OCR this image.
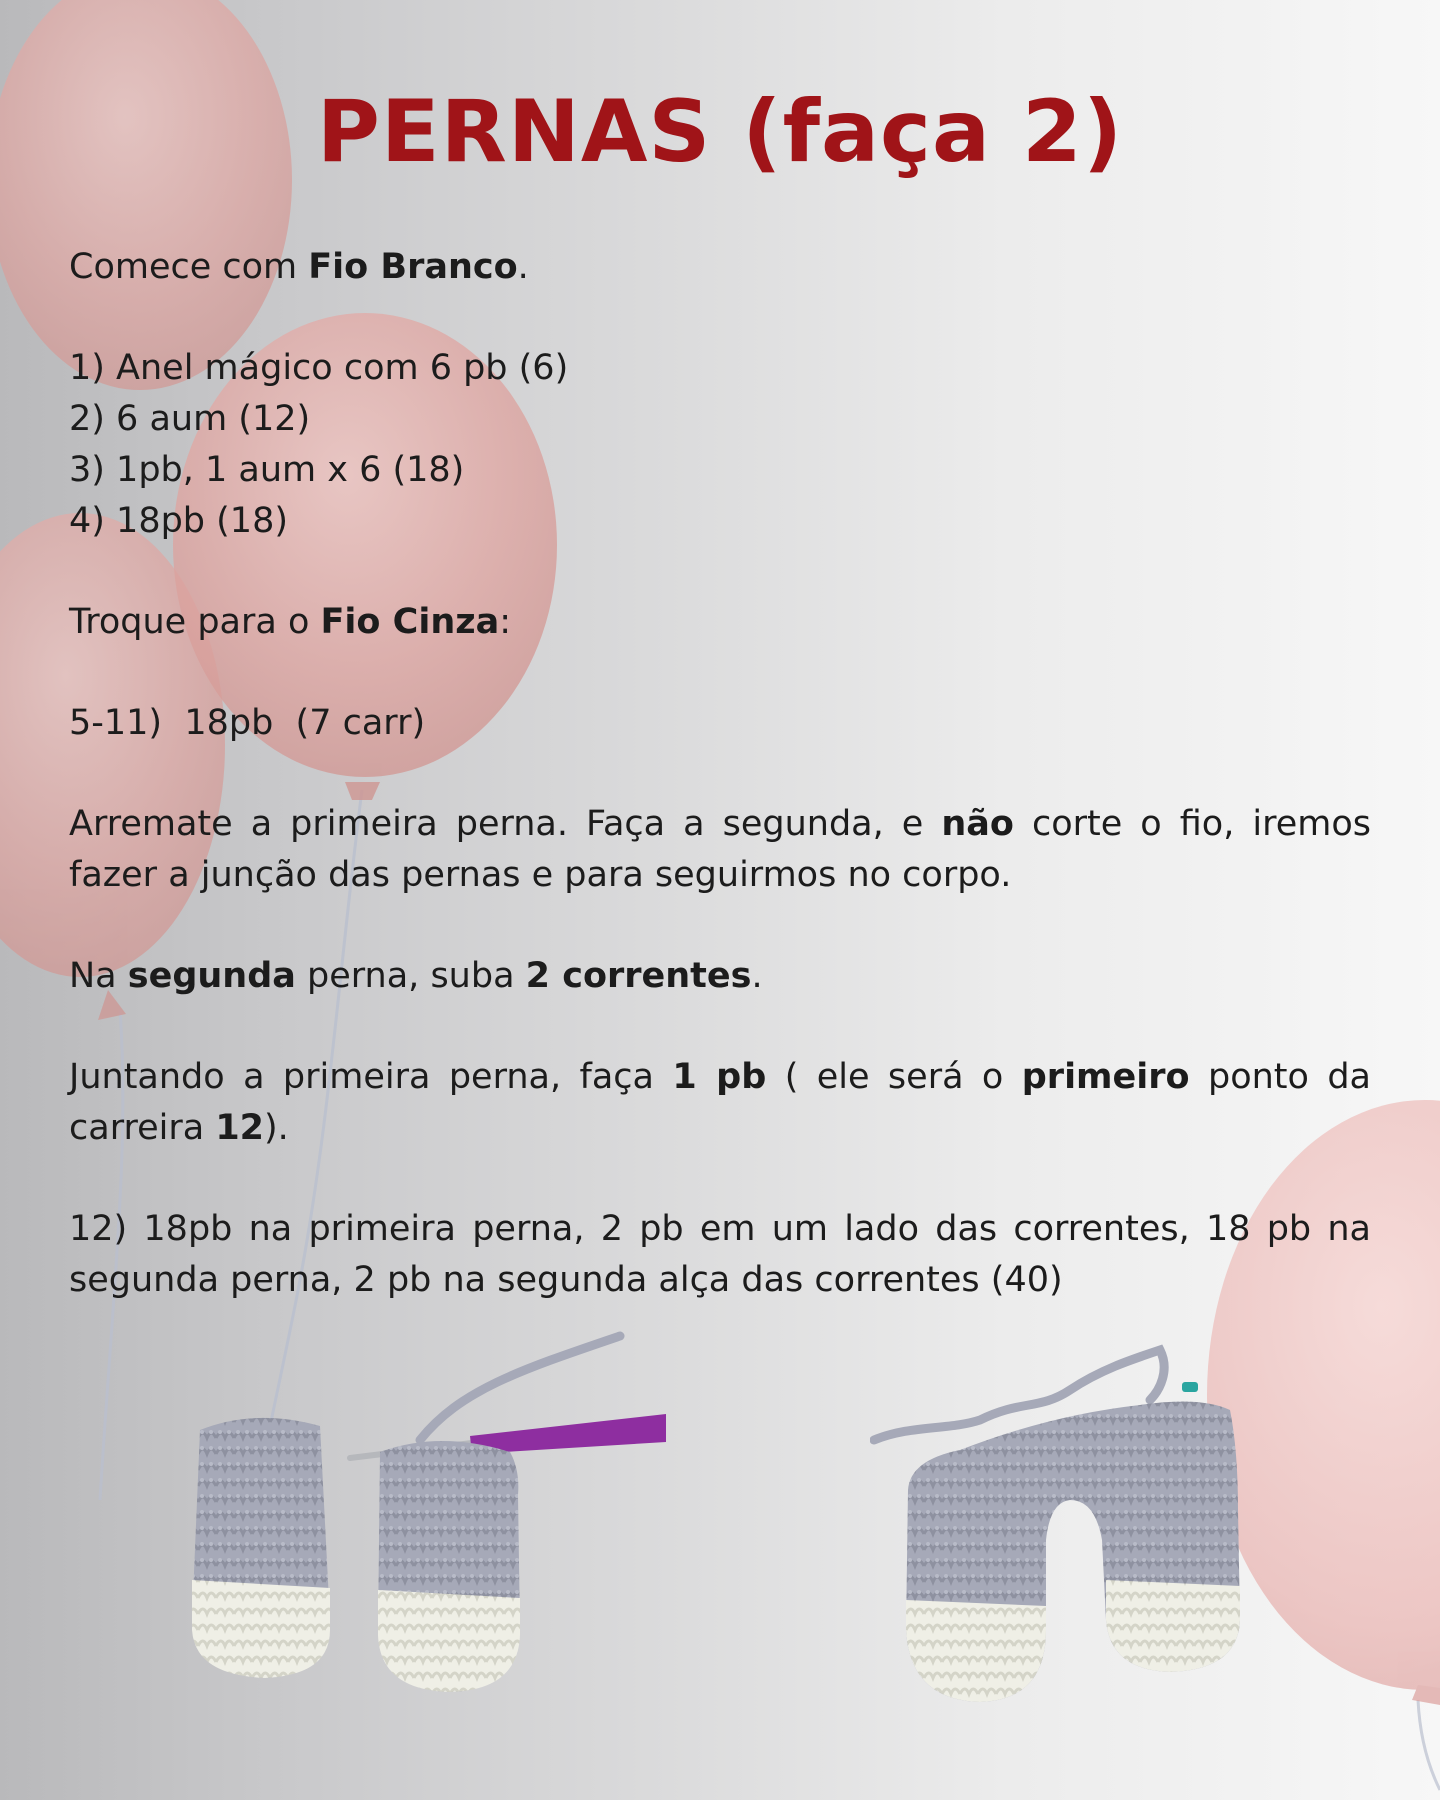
PERNAS (faça 2)

Comece com Fio Branco.

1) Anel mágico com 6 pb (6)
2) 6 aum (12)
3) 1pb, 1 aum x 6 (18)
4) 18pb (18)

Troque para o Fio Cinza:

5-11)  18pb  (7 carr)

Arremate a primeira perna. Faça a segunda, e não corte o fio, iremos fazer a junção das pernas e para seguirmos no corpo.

Na segunda perna, suba 2 correntes.

Juntando a primeira perna, faça 1 pb ( ele será o primeiro ponto da carreira 12).

12) 18pb na primeira perna, 2 pb em um lado das correntes, 18 pb na segunda perna, 2 pb na segunda alça das correntes (40)
